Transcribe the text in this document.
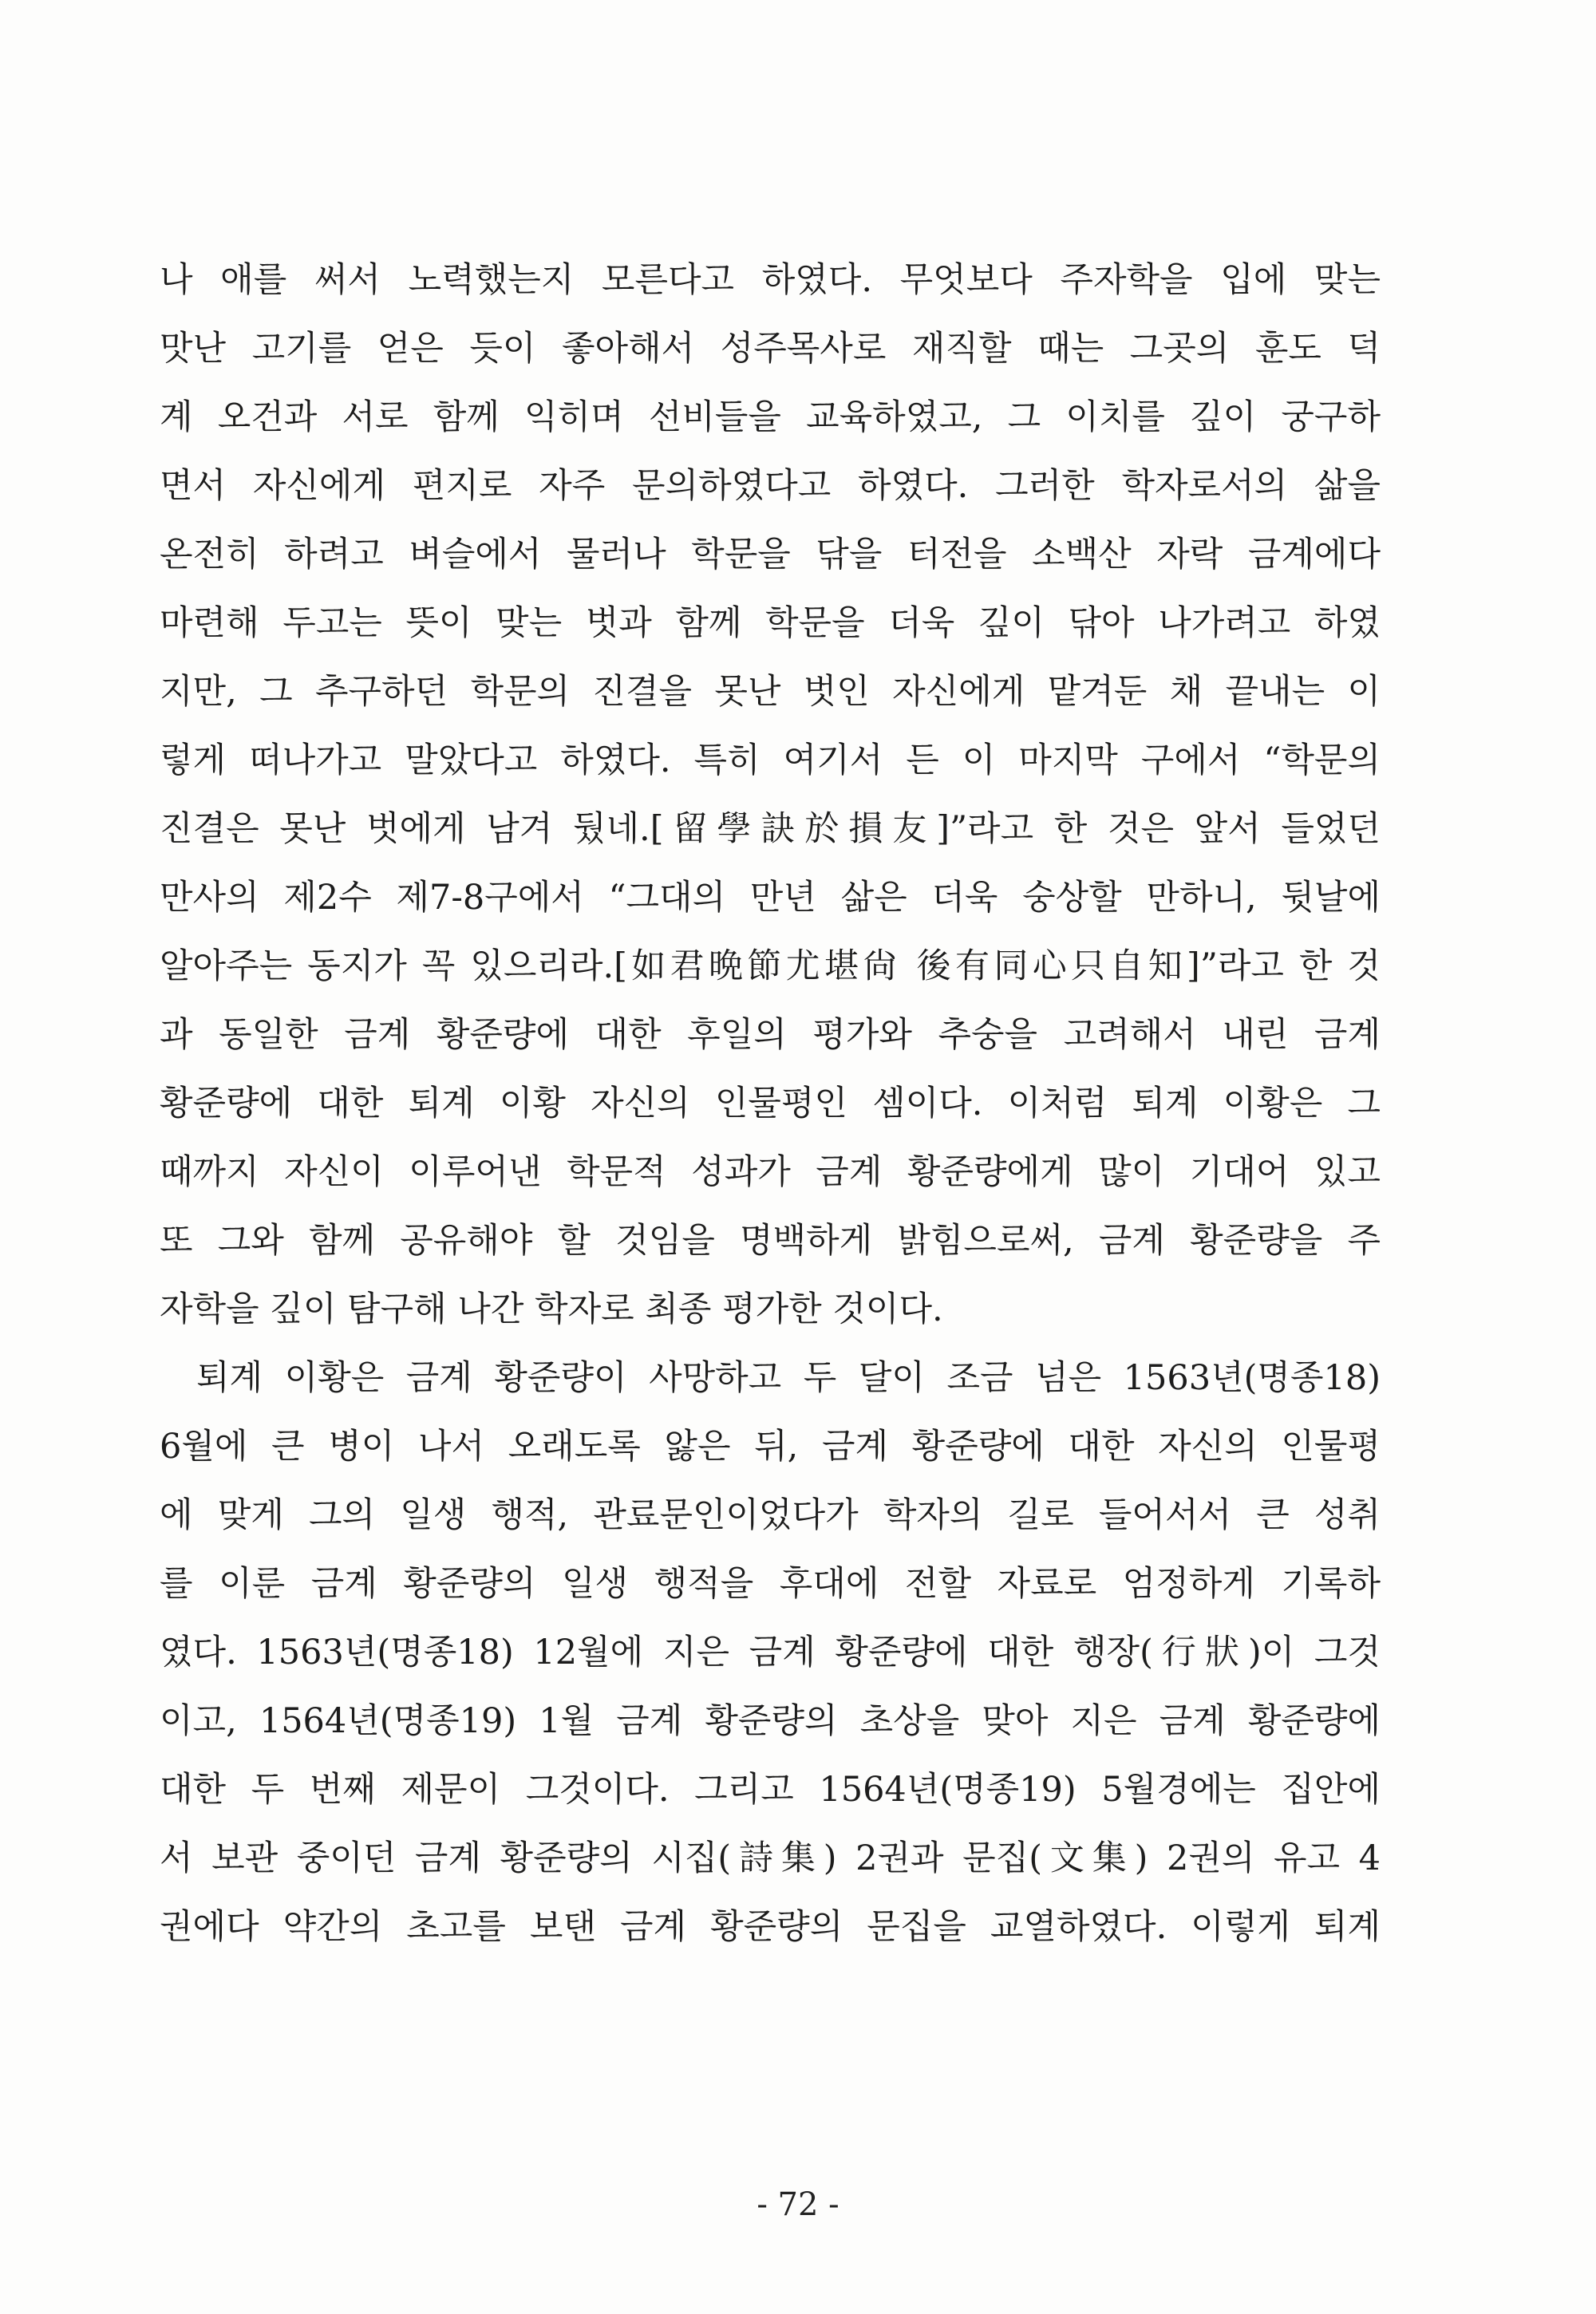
나 애를 써서 노력했는지 모른다고 하였다. 무엇보다 주자학을 입에 맞는
맛난 고기를 얻은 듯이 좋아해서 성주목사로 재직할 때는 그곳의 훈도 덕
계 오건과 서로 함께 익히며 선비들을 교육하였고, 그 이치를 깊이 궁구하
면서 자신에게 편지로 자주 문의하였다고 하였다. 그러한 학자로서의 삶을
온전히 하려고 벼슬에서 물러나 학문을 닦을 터전을 소백산 자락 금계에다
마련해 두고는 뜻이 맞는 벗과 함께 학문을 더욱 깊이 닦아 나가려고 하였
지만, 그 추구하던 학문의 진결을 못난 벗인 자신에게 맡겨둔 채 끝내는 이
렇게 떠나가고 말았다고 하였다. 특히 여기서 든 이 마지막 구에서 “학문의
진결은 못난 벗에게 남겨 뒀네.[留學訣於損友]”라고 한 것은 앞서 들었던
만사의 제2수 제7-8구에서 “그대의 만년 삶은 더욱 숭상할 만하니, 뒷날에
알아주는 동지가 꼭 있으리라.[如君晩節尤堪尙 後有同心只自知]”라고 한 것
과 동일한 금계 황준량에 대한 후일의 평가와 추숭을 고려해서 내린 금계
황준량에 대한 퇴계 이황 자신의 인물평인 셈이다. 이처럼 퇴계 이황은 그
때까지 자신이 이루어낸 학문적 성과가 금계 황준량에게 많이 기대어 있고
또 그와 함께 공유해야 할 것임을 명백하게 밝힘으로써, 금계 황준량을 주
자학을 깊이 탐구해 나간 학자로 최종 평가한 것이다.
퇴계 이황은 금계 황준량이 사망하고 두 달이 조금 넘은 1563년(명종18)
6월에 큰 병이 나서 오래도록 앓은 뒤, 금계 황준량에 대한 자신의 인물평
에 맞게 그의 일생 행적, 관료문인이었다가 학자의 길로 들어서서 큰 성취
를 이룬 금계 황준량의 일생 행적을 후대에 전할 자료로 엄정하게 기록하
였다. 1563년(명종18) 12월에 지은 금계 황준량에 대한 행장(行狀)이 그것
이고, 1564년(명종19) 1월 금계 황준량의 초상을 맞아 지은 금계 황준량에
대한 두 번째 제문이 그것이다. 그리고 1564년(명종19) 5월경에는 집안에
서 보관 중이던 금계 황준량의 시집(詩集) 2권과 문집(文集) 2권의 유고 4
권에다 약간의 초고를 보탠 금계 황준량의 문집을 교열하였다. 이렇게 퇴계
- 72 -
